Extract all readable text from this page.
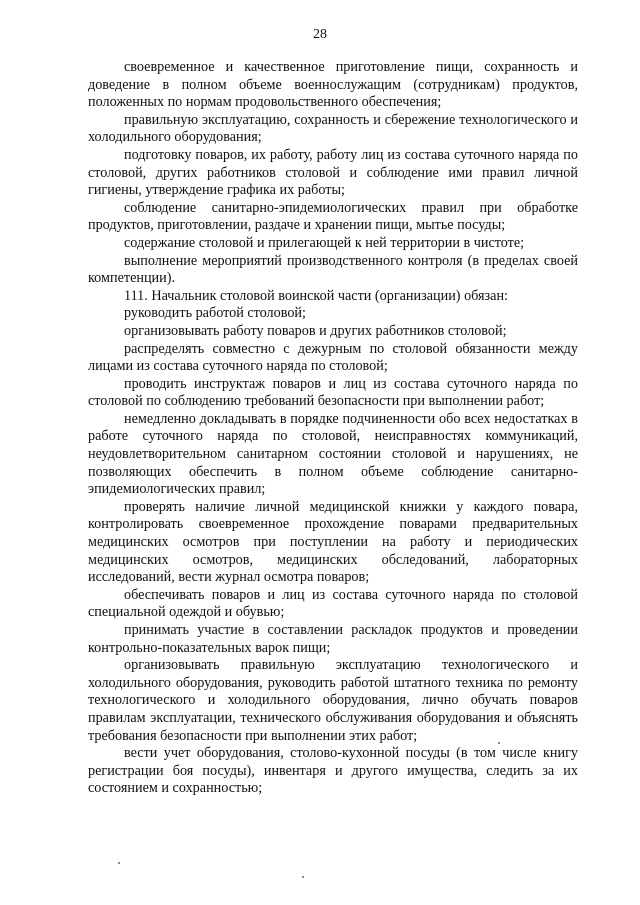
28

своевременное и качественное приготовление пищи, сохранность и доведение в полном объеме военнослужащим (сотрудникам) продуктов, положенных по нормам продовольственного обеспечения;

правильную эксплуатацию, сохранность и сбережение технологического и холодильного оборудования;

подготовку поваров, их работу, работу лиц из состава суточного наряда по столовой, других работников столовой и соблюдение ими правил личной гигиены, утверждение графика их работы;

соблюдение санитарно-эпидемиологических правил при обработке продуктов, приготовлении, раздаче и хранении пищи, мытье посуды;

содержание столовой и прилегающей к ней территории в чистоте;

выполнение мероприятий производственного контроля (в пределах своей компетенции).

111. Начальник столовой воинской части (организации) обязан:

руководить работой столовой;

организовывать работу поваров и других работников столовой;

распределять совместно с дежурным по столовой обязанности между лицами из состава суточного наряда по столовой;

проводить инструктаж поваров и лиц из состава суточного наряда по столовой по соблюдению требований безопасности при выполнении работ;

немедленно докладывать в порядке подчиненности обо всех недостатках в работе суточного наряда по столовой, неисправностях коммуникаций, неудовлетворительном санитарном состоянии столовой и нарушениях, не позволяющих обеспечить в полном объеме соблюдение санитарно-эпидемиологических правил;

проверять наличие личной медицинской книжки у каждого повара, контролировать своевременное прохождение поварами предварительных медицинских осмотров при поступлении на работу и периодических медицинских осмотров, медицинских обследований, лабораторных исследований, вести журнал осмотра поваров;

обеспечивать поваров и лиц из состава суточного наряда по столовой специальной одеждой и обувью;

принимать участие в составлении раскладок продуктов и проведении контрольно-показательных варок пищи;

организовывать правильную эксплуатацию технологического и холодильного оборудования, руководить работой штатного техника по ремонту технологического и холодильного оборудования, лично обучать поваров правилам эксплуатации, технического обслуживания оборудования и объяснять требования безопасности при выполнении этих работ;

вести учет оборудования, столово-кухонной посуды (в том числе книгу регистрации боя посуды), инвентаря и другого имущества, следить за их состоянием и сохранностью;
